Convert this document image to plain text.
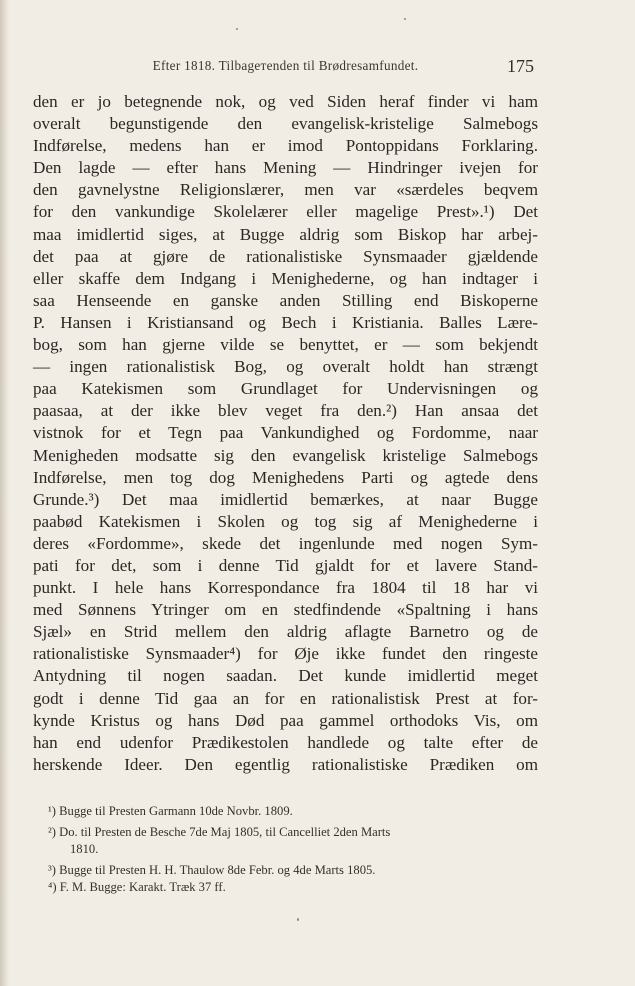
Efter 1818. Tilbageтenden til Brødresamfundet.	175
den er jo betegnende nok, og ved Siden heraf finder vi ham
overalt begunstigende den evangelisk-kristelige Salmebogs
Indførelse, medens han er imod Pontoppidans Forklaring.
Den lagde — efter hans Mening — Hindringer ivejen for
den gavnelystne Religionslærer, men var «særdeles beqvem
for den vankundige Skolelærer eller magelige Prest».¹) Det
maa imidlertid siges, at Bugge aldrig som Biskop har arbej-
det paa at gjøre de rationalistiske Synsmaader gjældende
eller skaffe dem Indgang i Menighederne, og han indtager i
saa Henseende en ganske anden Stilling end Biskoperne
P. Hansen i Kristiansand og Bech i Kristiania. Balles Lære-
bog, som han gjerne vilde se benyttet, er — som bekjendt
— ingen rationalistisk Bog, og overalt holdt han strængt
paa Katekismen som Grundlaget for Undervisningen og
paasaa, at der ikke blev veget fra den.²) Han ansaa det
vistnok for et Tegn paa Vankundighed og Fordomme, naar
Menigheden modsatte sig den evangelisk kristelige Salmebogs
Indførelse, men tog dog Menighedens Parti og agtede dens
Grunde.³) Det maa imidlertid bemærkes, at naar Bugge
paabød Katekismen i Skolen og tog sig af Menighederne i
deres «Fordomme», skede det ingenlunde med nogen Sym-
pati for det, som i denne Tid gjaldt for et lavere Stand-
punkt. I hele hans Korrespondance fra 1804 til 18 har vi
med Sønnens Ytringer om en stedfindende «Spaltning i hans
Sjæl» en Strid mellem den aldrig aflagte Barnetro og de
rationalistiske Synsmaader⁴) for Øje ikke fundet den ringeste
Antydning til nogen saadan. Det kunde imidlertid meget
godt i denne Tid gaa an for en rationalistisk Prest at for-
kynde Kristus og hans Død paa gammel orthodoks Vis, om
han end udenfor Prædikestolen handlede og talte efter de
herskende Ideer. Den egentlig rationalistiske Prædiken om
¹) Bugge til Presten Garmann 10de Novbr. 1809.
²) Do. til Presten de Besche 7de Maj 1805, til Cancelliet 2den Marts
1810.
³) Bugge til Presten H. H. Thaulow 8de Febr. og 4de Marts 1805.
⁴) F. M. Bugge: Karakt. Træk 37 ff.
